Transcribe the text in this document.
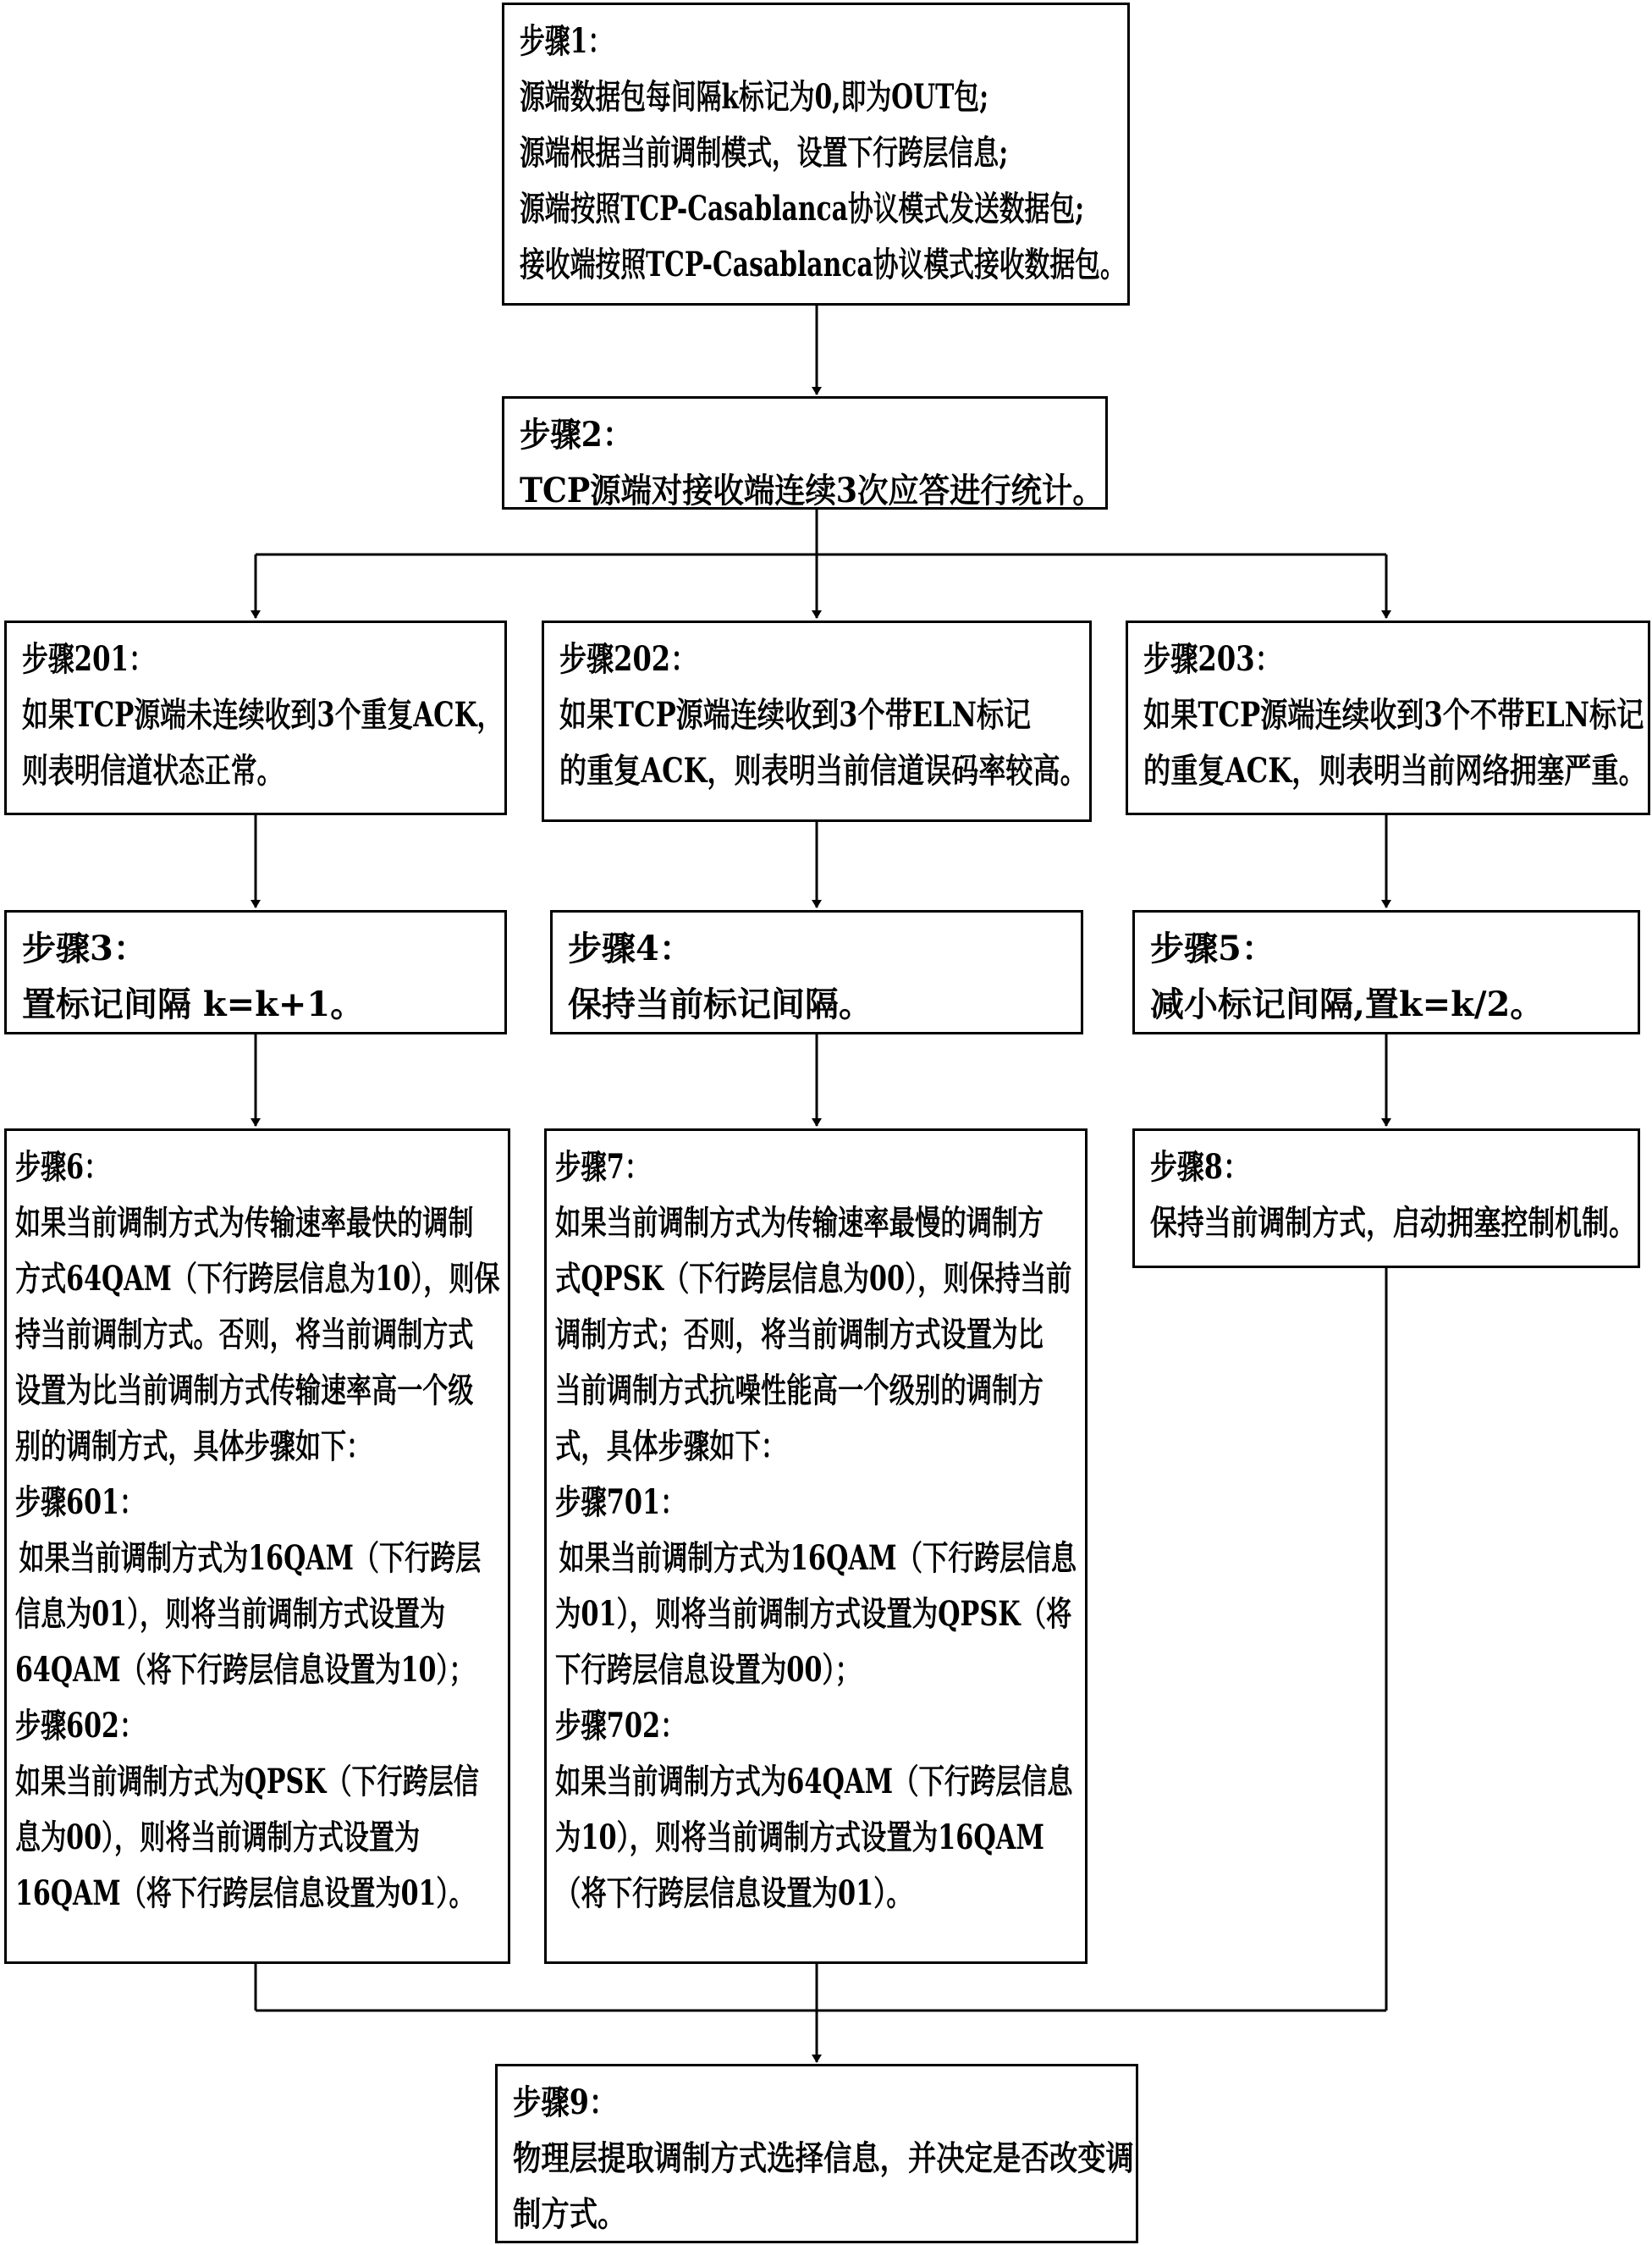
步骤1：
源端数据包每间隔k标记为0,即为OUT包;
源端根据当前调制模式，设置下行跨层信息;
源端按照TCP-Casablanca协议模式发送数据包;
接收端按照TCP-Casablanca协议模式接收数据包。
步骤2：
TCP源端对接收端连续3次应答进行统计。
步骤201：
如果TCP源端未连续收到3个重复ACK，
则表明信道状态正常。
步骤202：
如果TCP源端连续收到3个带ELN标记
的重复ACK，则表明当前信道误码率较高。
步骤203：
如果TCP源端连续收到3个不带ELN标记
的重复ACK，则表明当前网络拥塞严重。
步骤3：
置标记间隔 k=k+1。
步骤4：
保持当前标记间隔。
步骤5：
减小标记间隔,置k=k/2。
步骤6：
如果当前调制方式为传输速率最快的调制
方式64QAM（下行跨层信息为10），则保
持当前调制方式。否则，将当前调制方式
设置为比当前调制方式传输速率高一个级
别的调制方式，具体步骤如下：
步骤601：
如果当前调制方式为16QAM（下行跨层
信息为01），则将当前调制方式设置为
64QAM（将下行跨层信息设置为10）；
步骤602：
如果当前调制方式为QPSK（下行跨层信
息为00），则将当前调制方式设置为
16QAM（将下行跨层信息设置为01）。
步骤7：
如果当前调制方式为传输速率最慢的调制方
式QPSK（下行跨层信息为00），则保持当前
调制方式；否则，将当前调制方式设置为比
当前调制方式抗噪性能高一个级别的调制方
式，具体步骤如下：
步骤701：
如果当前调制方式为16QAM（下行跨层信息
为01），则将当前调制方式设置为QPSK（将
下行跨层信息设置为00）；
步骤702：
如果当前调制方式为64QAM（下行跨层信息
为10），则将当前调制方式设置为16QAM
（将下行跨层信息设置为01）。
步骤8：
保持当前调制方式，启动拥塞控制机制。
步骤9：
物理层提取调制方式选择信息，并决定是否改变调
制方式。
